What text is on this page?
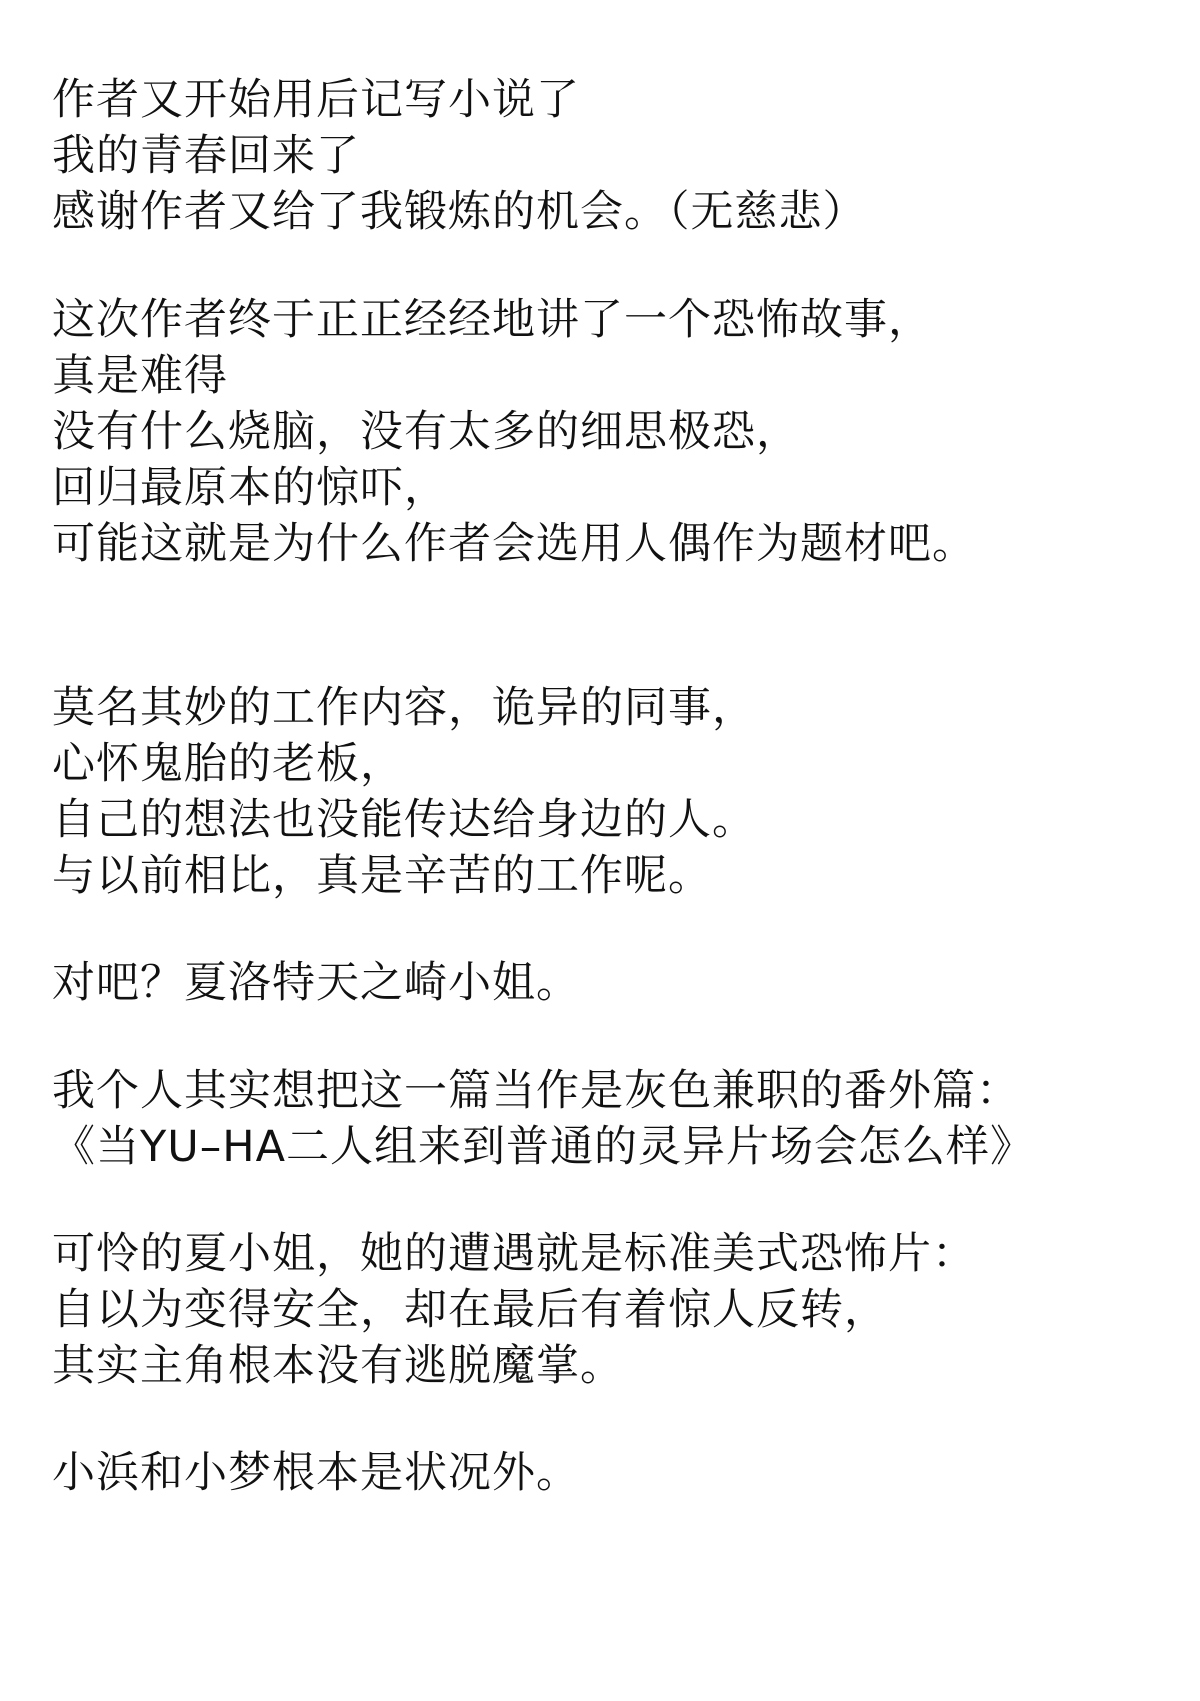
作者又开始用后记写小说了

我的青春回来了

感谢作者又给了我锻炼的机会。（无慈悲）

这次作者终于正正经经地讲了一个恐怖故事，

真是难得

没有什么烧脑，没有太多的细思极恐，

回归最原本的惊吓，

可能这就是为什么作者会选用人偶作为题材吧。

莫名其妙的工作内容，诡异的同事，

心怀鬼胎的老板，

自己的想法也没能传达给身边的人。

与以前相比，真是辛苦的工作呢。

对吧？夏洛特天之崎小姐。

我个人其实想把这一篇当作是灰色兼职的番外篇：

《当YU–HA二人组来到普通的灵异片场会怎么样》

可怜的夏小姐，她的遭遇就是标准美式恐怖片：

自以为变得安全，却在最后有着惊人反转，

其实主角根本没有逃脱魔掌。

小浜和小梦根本是状况外。
